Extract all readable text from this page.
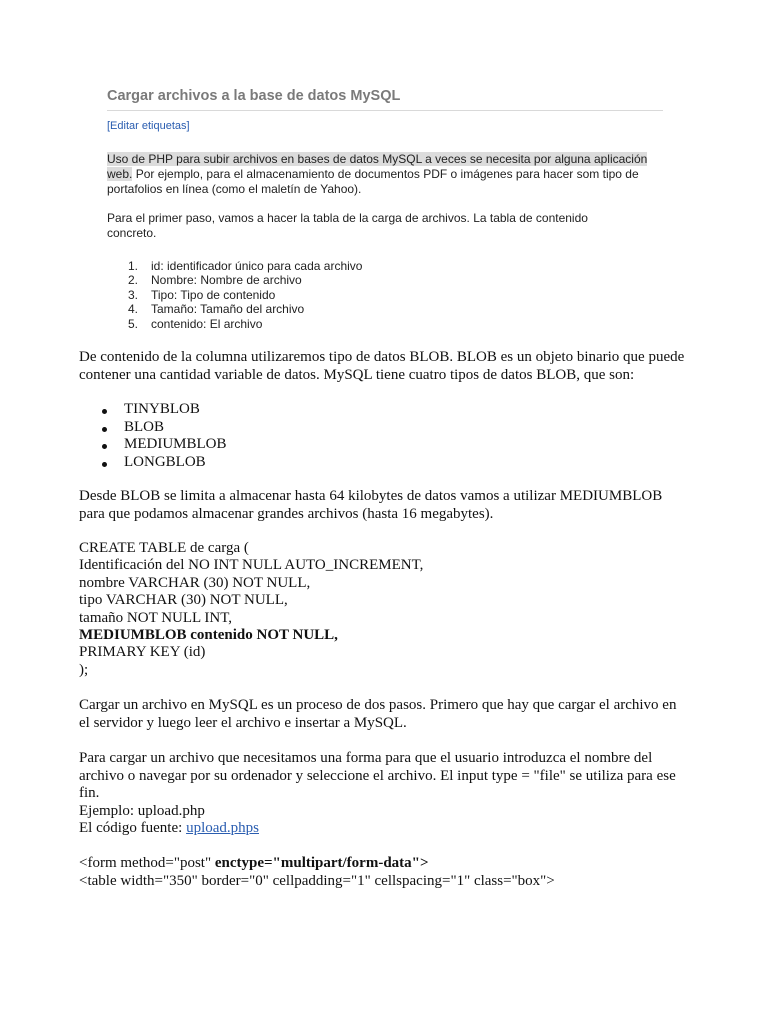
Cargar archivos a la base de datos MySQL
[Editar etiquetas]

Uso de PHP para subir archivos en bases de datos MySQL a veces se necesita por alguna aplicación web. Por ejemplo, para el almacenamiento de documentos PDF o imágenes para hacer som tipo de portafolios en línea (como el maletín de Yahoo).

Para el primer paso, vamos a hacer la tabla de la carga de archivos. La tabla de contenido concreto.

1. id: identificador único para cada archivo
2. Nombre: Nombre de archivo
3. Tipo: Tipo de contenido
4. Tamaño: Tamaño del archivo
5. contenido: El archivo

De contenido de la columna utilizaremos tipo de datos BLOB. BLOB es un objeto binario que puede contener una cantidad variable de datos. MySQL tiene cuatro tipos de datos BLOB, que son:

TINYBLOB
BLOB
MEDIUMBLOB
LONGBLOB

Desde BLOB se limita a almacenar hasta 64 kilobytes de datos vamos a utilizar MEDIUMBLOB para que podamos almacenar grandes archivos (hasta 16 megabytes).

CREATE TABLE de carga (
Identificación del NO INT NULL AUTO_INCREMENT,
nombre VARCHAR (30) NOT NULL,
tipo VARCHAR (30) NOT NULL,
tamaño NOT NULL INT,
MEDIUMBLOB contenido NOT NULL,
PRIMARY KEY (id)
);

Cargar un archivo en MySQL es un proceso de dos pasos. Primero que hay que cargar el archivo en el servidor y luego leer el archivo e insertar a MySQL.

Para cargar un archivo que necesitamos una forma para que el usuario introduzca el nombre del archivo o navegar por su ordenador y seleccione el archivo. El input type = "file" se utiliza para ese fin.

Ejemplo: upload.php
El código fuente: upload.phps
<form method="post" enctype="multipart/form-data">
<table width="350" border="0" cellpadding="1" cellspacing="1" class="box">
